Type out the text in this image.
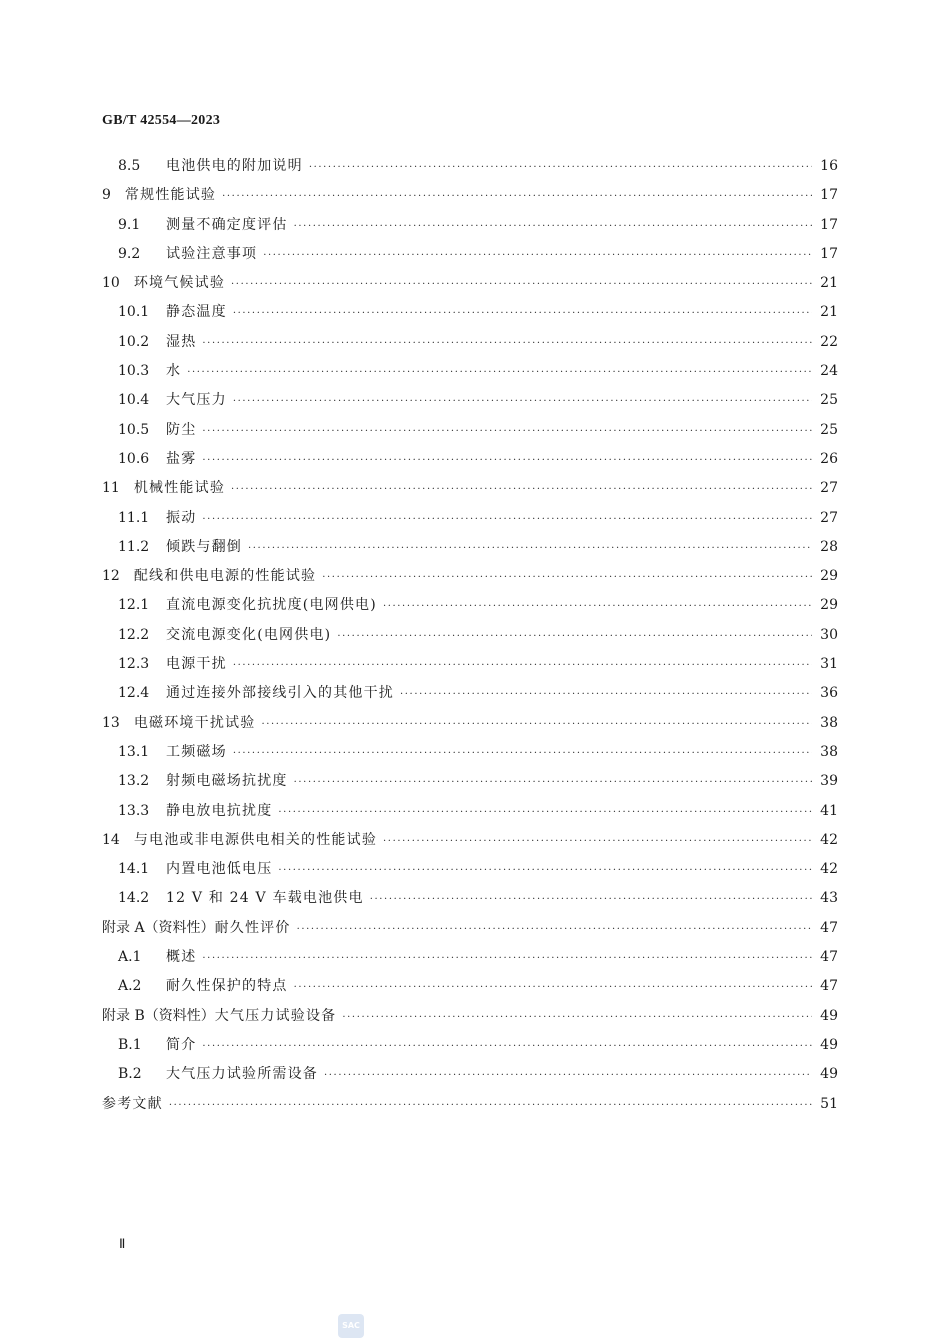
GB/T 42554—2023
8.5	电池供电的附加说明 ·····	16
9 常规性能试验 ·····	17
9.1	测量不确定度评估 ·····	17
9.2	试验注意事项 ·····	17
10 环境气候试验 ·····	21
10.1	静态温度 ·····	21
10.2	湿热 ·····	22
10.3	水 ·····	24
10.4	大气压力 ·····	25
10.5	防尘 ·····	25
10.6	盐雾 ·····	26
11 机械性能试验 ·····	27
11.1	振动 ·····	27
11.2	倾跌与翻倒 ·····	28
12 配线和供电电源的性能试验 ·····	29
12.1	直流电源变化抗扰度(电网供电) ·····	29
12.2	交流电源变化(电网供电) ·····	30
12.3	电源干扰 ·····	31
12.4	通过连接外部接线引入的其他干扰 ·····	36
13 电磁环境干扰试验 ·····	38
13.1	工频磁场 ·····	38
13.2	射频电磁场抗扰度 ·····	39
13.3	静电放电抗扰度 ·····	41
14 与电池或非电源供电相关的性能试验 ·····	42
14.1	内置电池低电压 ·····	42
14.2	12 V 和 24 V 车载电池供电 ·····	43
附录 A（资料性） 耐久性评价 ·····	47
A.1	概述 ·····	47
A.2	耐久性保护的特点 ·····	47
附录 B（资料性） 大气压力试验设备 ·····	49
B.1	简介 ·····	49
B.2	大气压力试验所需设备 ·····	49
参考文献 ·····	51
Ⅱ
SAC
